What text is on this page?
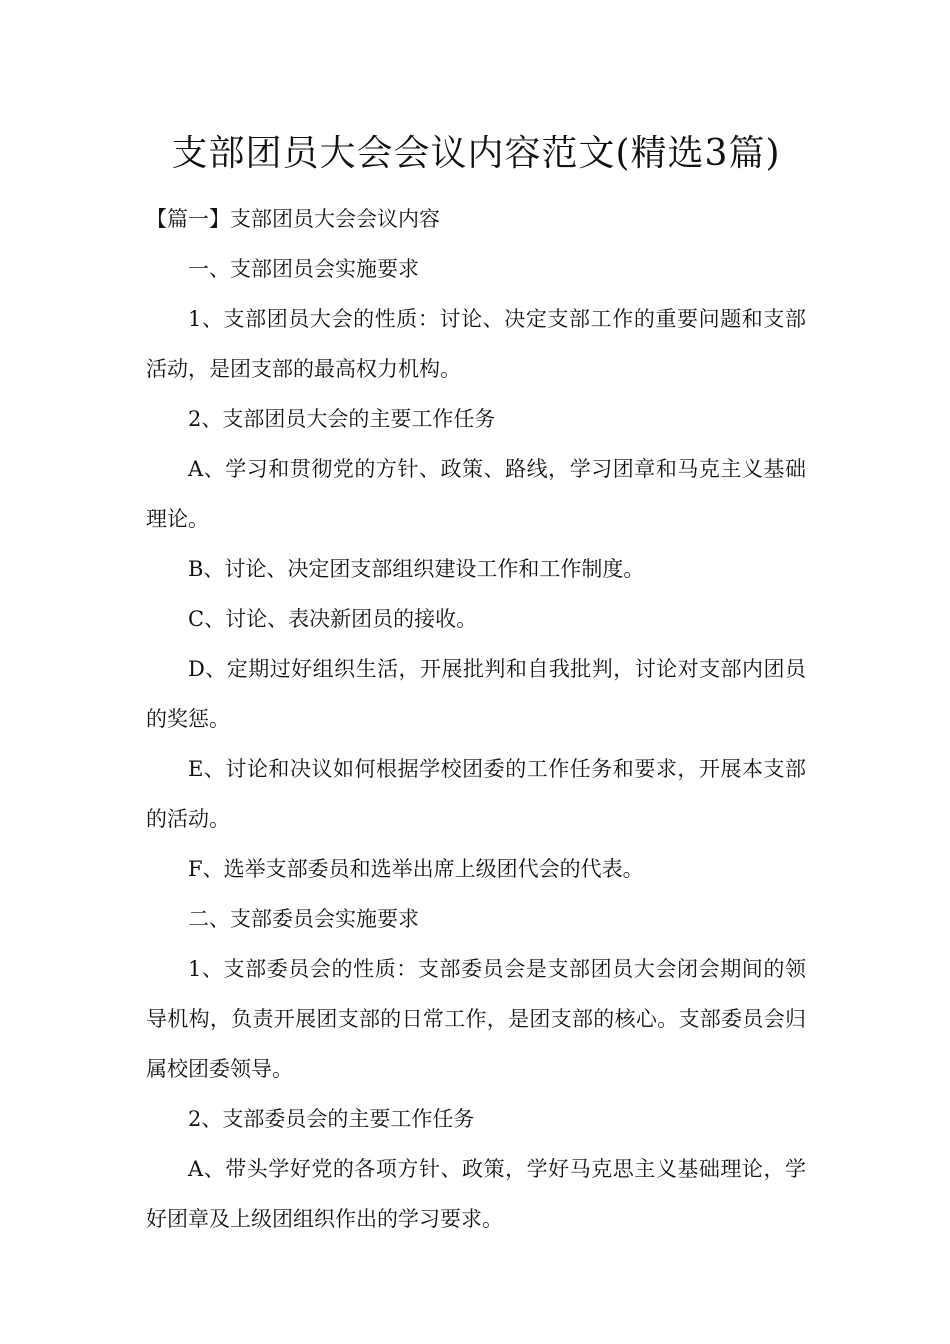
支部团员大会会议内容范文(精选3篇)

【篇一】支部团员大会会议内容

一、支部团员会实施要求

1、支部团员大会的性质：讨论、决定支部工作的重要问题和支部活动，是团支部的最高权力机构。

2、支部团员大会的主要工作任务

A、学习和贯彻党的方针、政策、路线，学习团章和马克主义基础理论。

B、讨论、决定团支部组织建设工作和工作制度。

C、讨论、表决新团员的接收。

D、定期过好组织生活，开展批判和自我批判，讨论对支部内团员的奖惩。

E、讨论和决议如何根据学校团委的工作任务和要求，开展本支部的活动。

F、选举支部委员和选举出席上级团代会的代表。

二、支部委员会实施要求

1、支部委员会的性质：支部委员会是支部团员大会闭会期间的领导机构，负责开展团支部的日常工作，是团支部的核心。支部委员会归属校团委领导。

2、支部委员会的主要工作任务

A、带头学好党的各项方针、政策，学好马克思主义基础理论，学好团章及上级团组织作出的学习要求。
